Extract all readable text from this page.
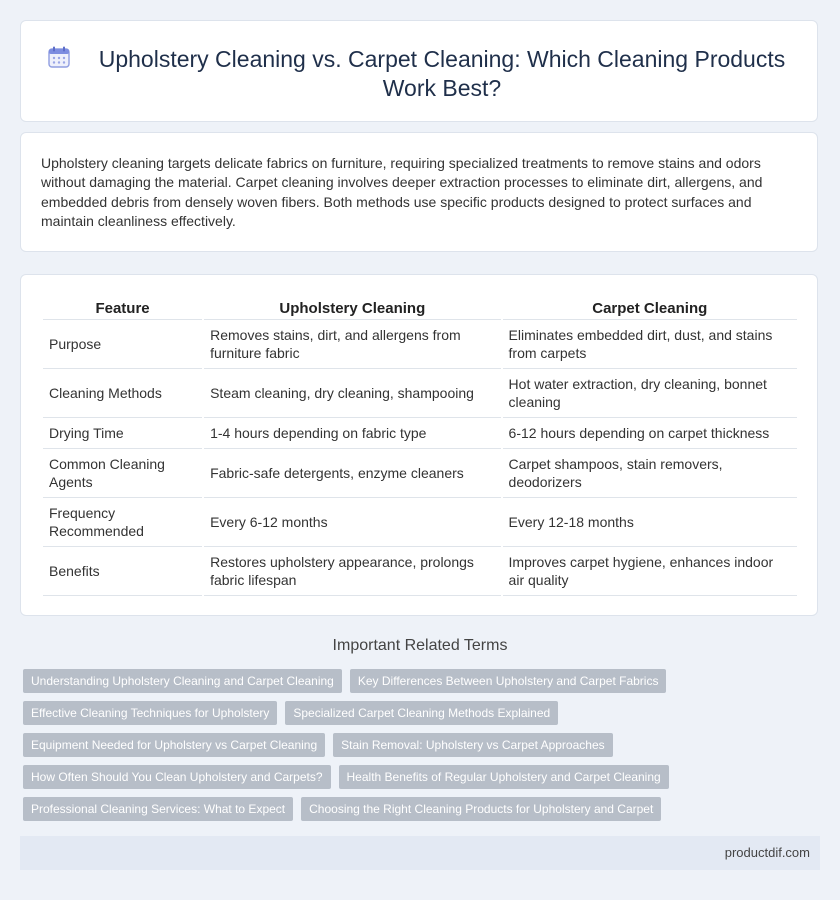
Upholstery Cleaning vs. Carpet Cleaning: Which Cleaning Products Work Best?
Upholstery cleaning targets delicate fabrics on furniture, requiring specialized treatments to remove stains and odors without damaging the material. Carpet cleaning involves deeper extraction processes to eliminate dirt, allergens, and embedded debris from densely woven fibers. Both methods use specific products designed to protect surfaces and maintain cleanliness effectively.
Feature	Upholstery Cleaning	Carpet Cleaning
Purpose	Removes stains, dirt, and allergens from furniture fabric	Eliminates embedded dirt, dust, and stains from carpets
Cleaning Methods	Steam cleaning, dry cleaning, shampooing	Hot water extraction, dry cleaning, bonnet cleaning
Drying Time	1-4 hours depending on fabric type	6-12 hours depending on carpet thickness
Common Cleaning Agents	Fabric-safe detergents, enzyme cleaners	Carpet shampoos, stain removers, deodorizers
Frequency Recommended	Every 6-12 months	Every 12-18 months
Benefits	Restores upholstery appearance, prolongs fabric lifespan	Improves carpet hygiene, enhances indoor air quality
Important Related Terms
Understanding Upholstery Cleaning and Carpet Cleaning	Key Differences Between Upholstery and Carpet Fabrics
Effective Cleaning Techniques for Upholstery	Specialized Carpet Cleaning Methods Explained
Equipment Needed for Upholstery vs Carpet Cleaning	Stain Removal: Upholstery vs Carpet Approaches
How Often Should You Clean Upholstery and Carpets?	Health Benefits of Regular Upholstery and Carpet Cleaning
Professional Cleaning Services: What to Expect	Choosing the Right Cleaning Products for Upholstery and Carpet
productdif.com
